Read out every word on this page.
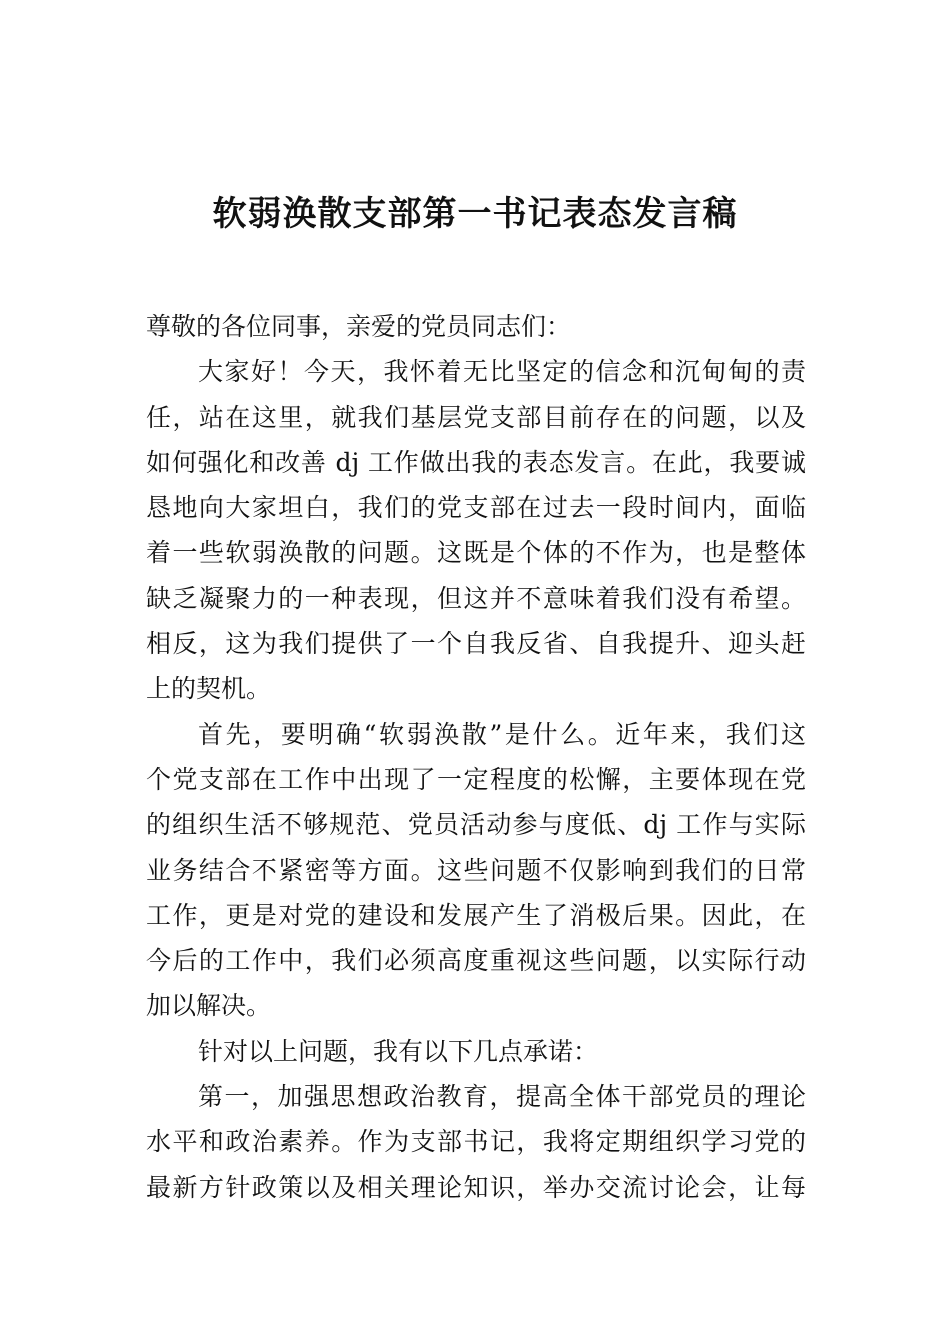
软弱涣散支部第一书记表态发言稿
尊敬的各位同事，亲爱的党员同志们：
大家好！今天，我怀着无比坚定的信念和沉甸甸的责
任，站在这里，就我们基层党支部目前存在的问题，以及
如何强化和改善 dj 工作做出我的表态发言。在此，我要诚
恳地向大家坦白，我们的党支部在过去一段时间内，面临
着一些软弱涣散的问题。这既是个体的不作为，也是整体
缺乏凝聚力的一种表现，但这并不意味着我们没有希望。
相反，这为我们提供了一个自我反省、自我提升、迎头赶
上的契机。
首先，要明确“软弱涣散”是什么。近年来，我们这
个党支部在工作中出现了一定程度的松懈，主要体现在党
的组织生活不够规范、党员活动参与度低、dj 工作与实际
业务结合不紧密等方面。这些问题不仅影响到我们的日常
工作，更是对党的建设和发展产生了消极后果。因此，在
今后的工作中，我们必须高度重视这些问题，以实际行动
加以解决。
针对以上问题，我有以下几点承诺：
第一，加强思想政治教育，提高全体干部党员的理论
水平和政治素养。作为支部书记，我将定期组织学习党的
最新方针政策以及相关理论知识，举办交流讨论会，让每
